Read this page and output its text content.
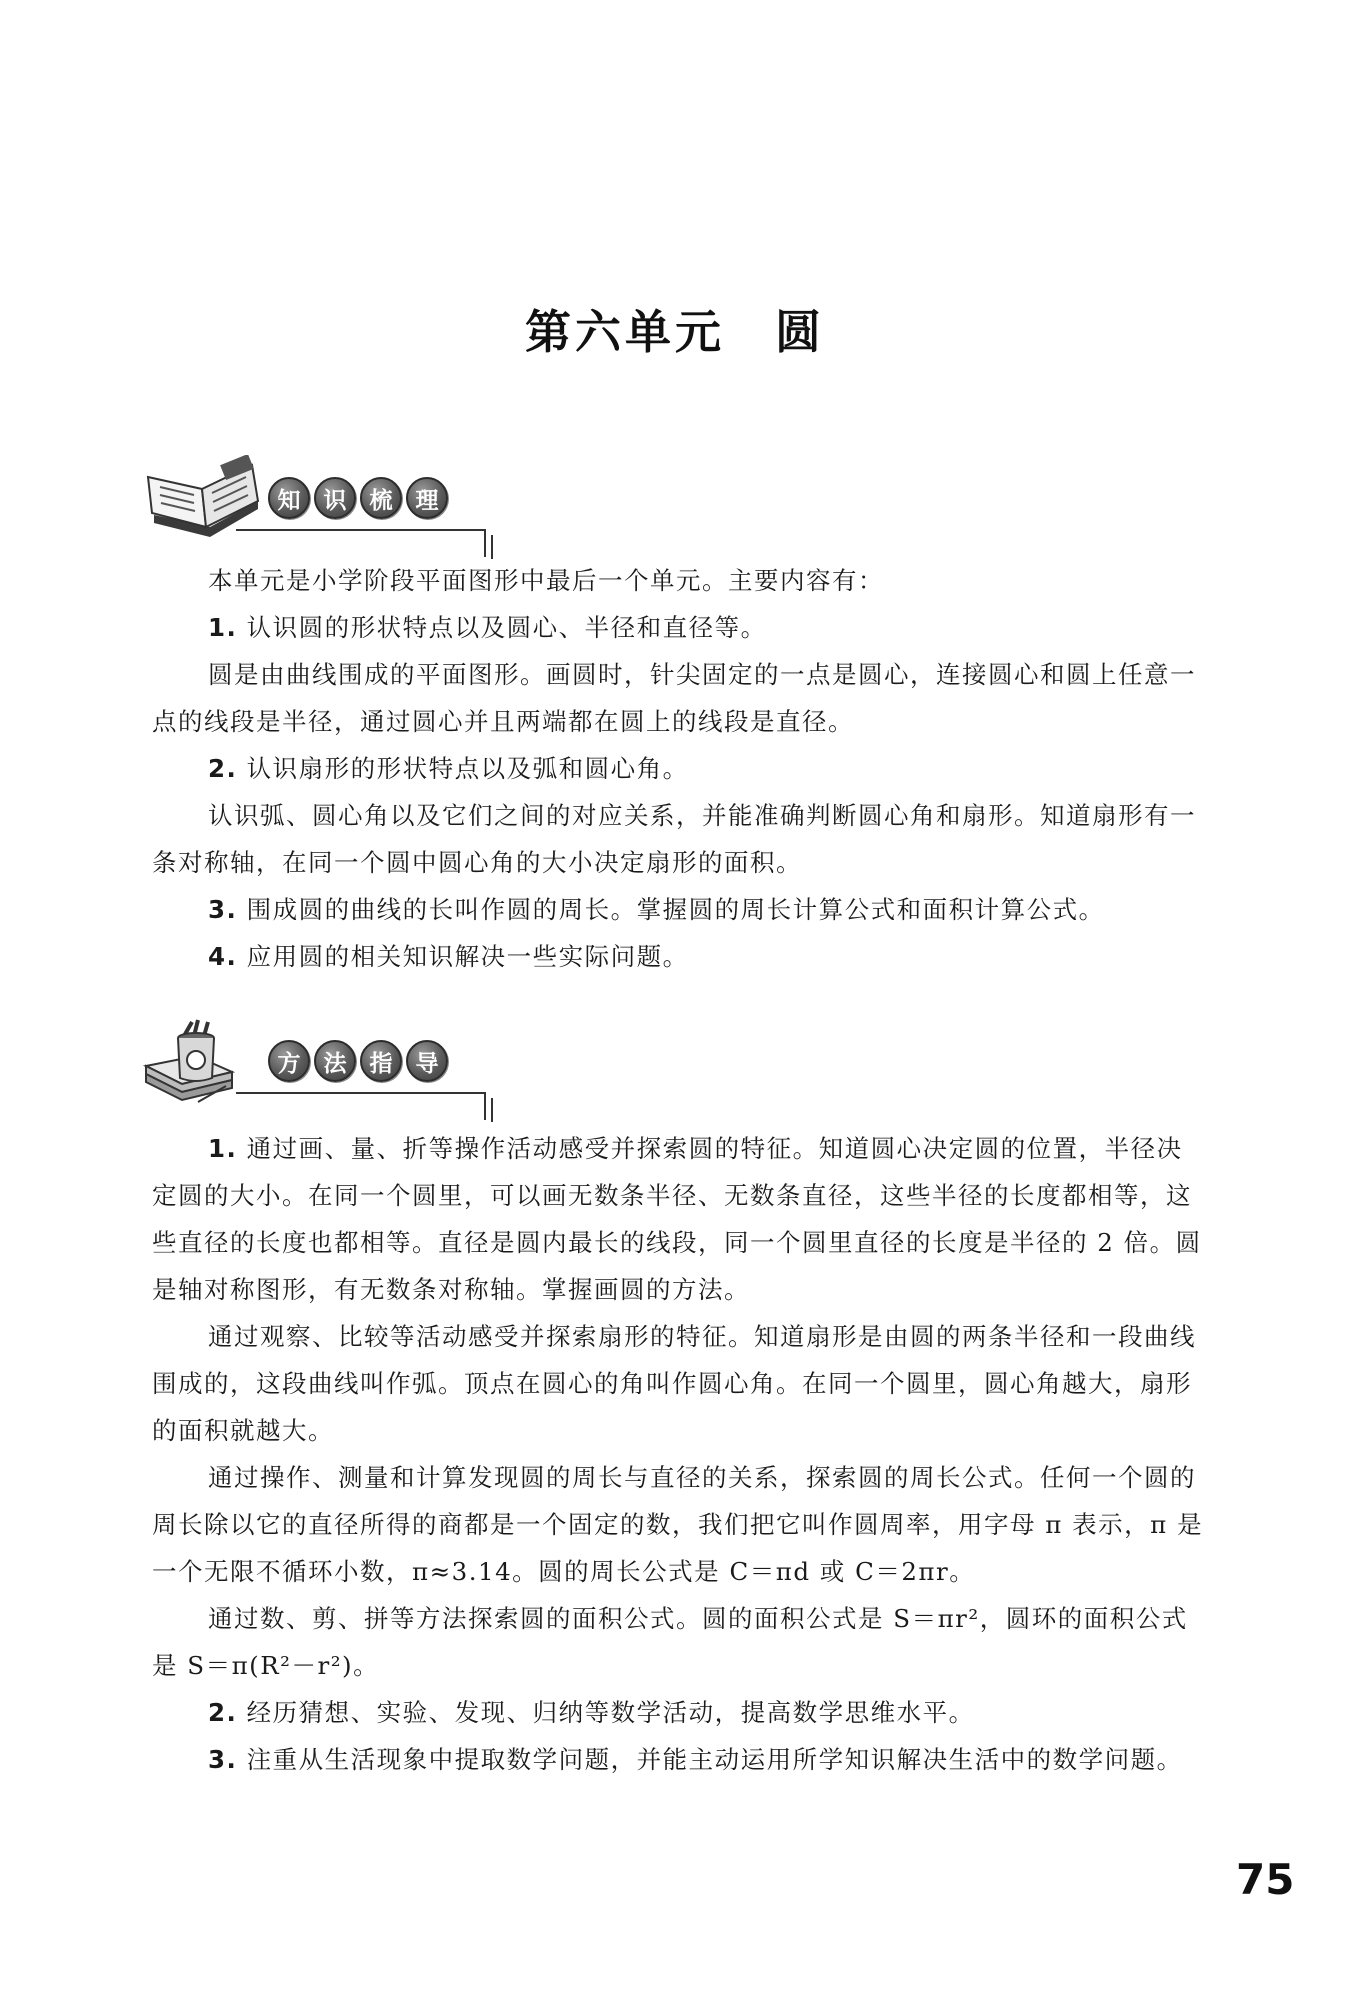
第六单元　圆
知	识	梳	理

本单元是小学阶段平面图形中最后一个单元。主要内容有：

1. 认识圆的形状特点以及圆心、半径和直径等。

圆是由曲线围成的平面图形。画圆时，针尖固定的一点是圆心，连接圆心和圆上任意一点的线段是半径，通过圆心并且两端都在圆上的线段是直径。

2. 认识扇形的形状特点以及弧和圆心角。

认识弧、圆心角以及它们之间的对应关系，并能准确判断圆心角和扇形。知道扇形有一条对称轴，在同一个圆中圆心角的大小决定扇形的面积。

3. 围成圆的曲线的长叫作圆的周长。掌握圆的周长计算公式和面积计算公式。

4. 应用圆的相关知识解决一些实际问题。

方	法	指	导

1. 通过画、量、折等操作活动感受并探索圆的特征。知道圆心决定圆的位置，半径决定圆的大小。在同一个圆里，可以画无数条半径、无数条直径，这些半径的长度都相等，这些直径的长度也都相等。直径是圆内最长的线段，同一个圆里直径的长度是半径的 2 倍。圆是轴对称图形，有无数条对称轴。掌握画圆的方法。

通过观察、比较等活动感受并探索扇形的特征。知道扇形是由圆的两条半径和一段曲线围成的，这段曲线叫作弧。顶点在圆心的角叫作圆心角。在同一个圆里，圆心角越大，扇形的面积就越大。

通过操作、测量和计算发现圆的周长与直径的关系，探索圆的周长公式。任何一个圆的周长除以它的直径所得的商都是一个固定的数，我们把它叫作圆周率，用字母 π 表示，π 是一个无限不循环小数，π≈3.14。圆的周长公式是 C＝πd 或 C＝2πr。

通过数、剪、拼等方法探索圆的面积公式。圆的面积公式是 S＝πr²，圆环的面积公式是 S＝π(R²－r²)。

2. 经历猜想、实验、发现、归纳等数学活动，提高数学思维水平。

3. 注重从生活现象中提取数学问题，并能主动运用所学知识解决生活中的数学问题。

75
